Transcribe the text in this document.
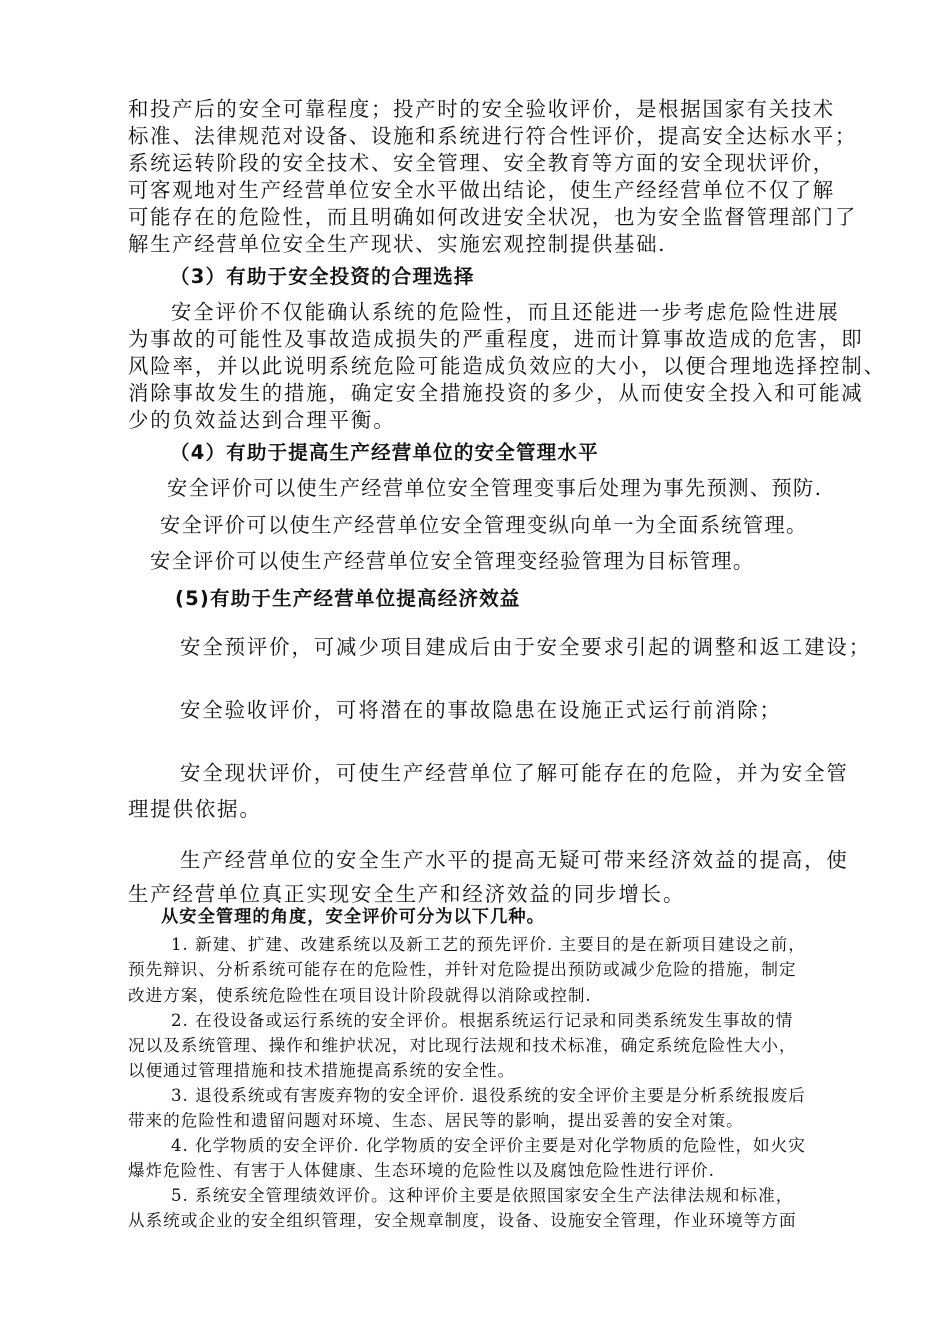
和投产后的安全可靠程度；投产时的安全验收评价，是根据国家有关技术
标准、法律规范对设备、设施和系统进行符合性评价，提高安全达标水平；
系统运转阶段的安全技术、安全管理、安全教育等方面的安全现状评价，
可客观地对生产经营单位安全水平做出结论，使生产经经营单位不仅了解
可能存在的危险性，而且明确如何改进安全状况，也为安全监督管理部门了
解生产经营单位安全生产现状、实施宏观控制提供基础.
（3）有助于安全投资的合理选择
安全评价不仅能确认系统的危险性，而且还能进一步考虑危险性进展
为事故的可能性及事故造成损失的严重程度，进而计算事故造成的危害，即
风险率，并以此说明系统危险可能造成负效应的大小，以便合理地选择控制、
消除事故发生的措施，确定安全措施投资的多少，从而使安全投入和可能减
少的负效益达到合理平衡。
（4）有助于提高生产经营单位的安全管理水平
安全评价可以使生产经营单位安全管理变事后处理为事先预测、预防.
安全评价可以使生产经营单位安全管理变纵向单一为全面系统管理。
安全评价可以使生产经营单位安全管理变经验管理为目标管理。
(5)有助于生产经营单位提高经济效益
安全预评价，可减少项目建成后由于安全要求引起的调整和返工建设；
安全验收评价，可将潜在的事故隐患在设施正式运行前消除；
安全现状评价，可使生产经营单位了解可能存在的危险，并为安全管
理提供依据。
生产经营单位的安全生产水平的提高无疑可带来经济效益的提高，使
生产经营单位真正实现安全生产和经济效益的同步增长。
从安全管理的角度，安全评价可分为以下几种。
1. 新建、扩建、改建系统以及新工艺的预先评价. 主要目的是在新项目建设之前，
预先辩识、分析系统可能存在的危险性，并针对危险提出预防或减少危险的措施，制定
改进方案，使系统危险性在项目设计阶段就得以消除或控制.
2. 在役设备或运行系统的安全评价。根据系统运行记录和同类系统发生事故的情
况以及系统管理、操作和维护状况，对比现行法规和技术标准，确定系统危险性大小，
以便通过管理措施和技术措施提高系统的安全性。
3. 退役系统或有害废弃物的安全评价. 退役系统的安全评价主要是分析系统报废后
带来的危险性和遗留问题对环境、生态、居民等的影响，提出妥善的安全对策。
4. 化学物质的安全评价. 化学物质的安全评价主要是对化学物质的危险性，如火灾
爆炸危险性、有害于人体健康、生态环境的危险性以及腐蚀危险性进行评价.
5. 系统安全管理绩效评价。这种评价主要是依照国家安全生产法律法规和标准，
从系统或企业的安全组织管理，安全规章制度，设备、设施安全管理，作业环境等方面
